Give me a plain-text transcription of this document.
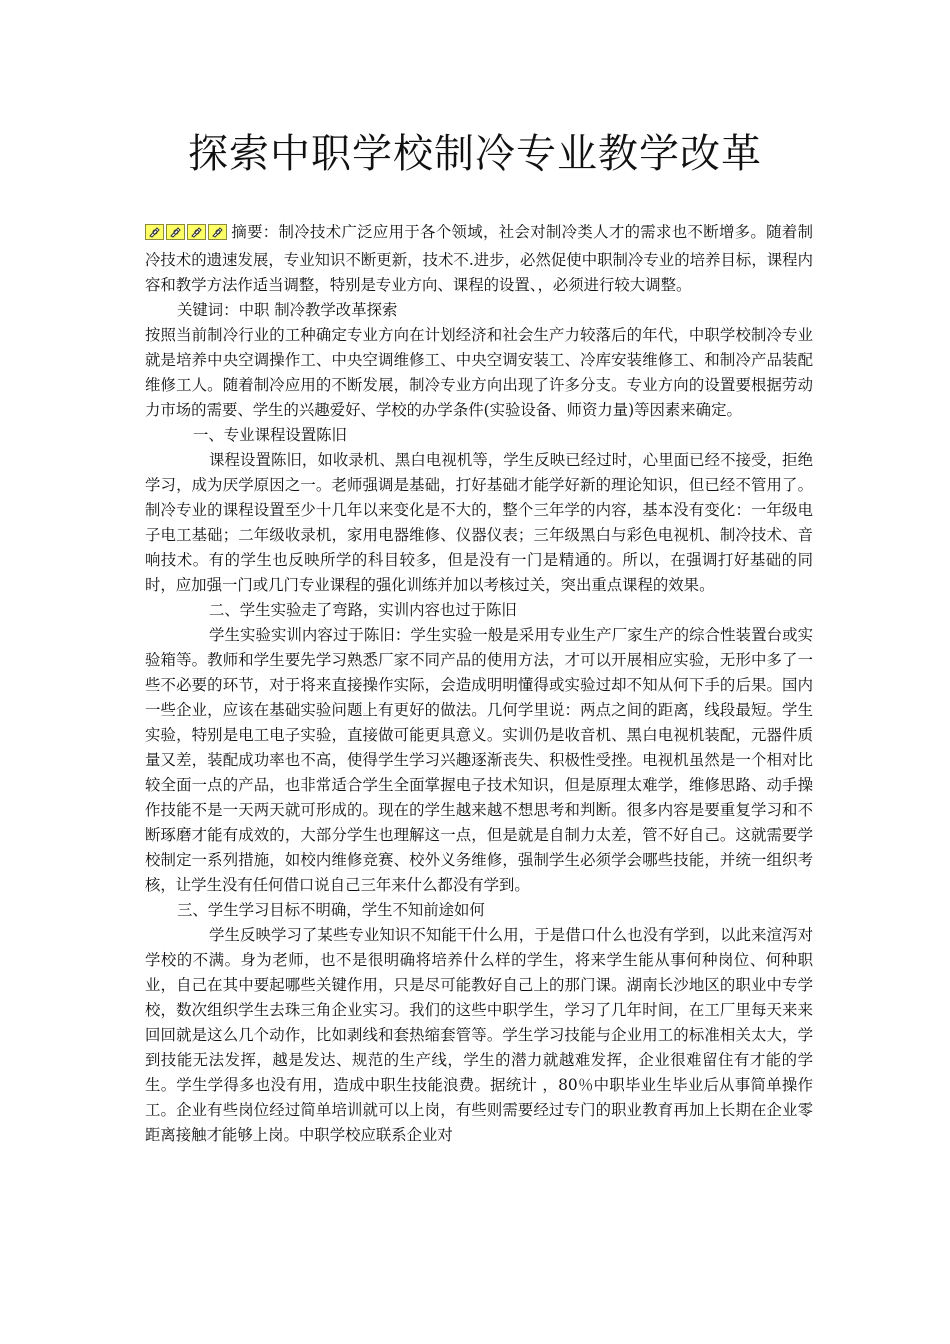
探索中职学校制冷专业教学改革

摘要：制冷技术广泛应用于各个领域，社会对制冷类人才的需求也不断增多。随着制冷技术的遗速发展，专业知识不断更新，技术不.进步，必然促使中职制冷专业的培养目标，课程内容和教学方法作适当调整，特别是专业方向、课程的设置、，必须进行较大调整。

关键词：中职 制冷教学改革探索

按照当前制冷行业的工种确定专业方向在计划经济和社会生产力较落后的年代，中职学校制冷专业就是培养中央空调操作工、中央空调维修工、中央空调安装工、冷库安装维修工、和制冷产品装配维修工人。随着制冷应用的不断发展，制冷专业方向出现了许多分支。专业方向的设置要根据劳动力市场的需要、学生的兴趣爱好、学校的办学条件(实验设备、师资力量)等因素来确定。

一、专业课程设置陈旧

课程设置陈旧，如收录机、黑白电视机等，学生反映已经过时，心里面已经不接受，拒绝学习，成为厌学原因之一。老师强调是基础，打好基础才能学好新的理论知识，但已经不管用了。制冷专业的课程设置至少十几年以来变化是不大的，整个三年学的内容，基本没有变化：一年级电子电工基础；二年级收录机，家用电器维修、仪器仪表；三年级黑白与彩色电视机、制冷技术、音响技术。有的学生也反映所学的科目较多，但是没有一门是精通的。所以，在强调打好基础的同时，应加强一门或几门专业课程的强化训练并加以考核过关，突出重点课程的效果。

二、学生实验走了弯路，实训内容也过于陈旧

学生实验实训内容过于陈旧：学生实验一般是采用专业生产厂家生产的综合性装置台或实验箱等。教师和学生要先学习熟悉厂家不同产品的使用方法，才可以开展相应实验，无形中多了一些不必要的环节，对于将来直接操作实际，会造成明明懂得或实验过却不知从何下手的后果。国内一些企业，应该在基础实验问题上有更好的做法。几何学里说：两点之间的距离，线段最短。学生实验，特别是电工电子实验，直接做可能更具意义。实训仍是收音机、黑白电视机装配，元器件质量又差，装配成功率也不高，使得学生学习兴趣逐渐丧失、积极性受挫。电视机虽然是一个相对比较全面一点的产品，也非常适合学生全面掌握电子技术知识，但是原理太难学，维修思路、动手操作技能不是一天两天就可形成的。现在的学生越来越不想思考和判断。很多内容是要重复学习和不断琢磨才能有成效的，大部分学生也理解这一点，但是就是自制力太差，管不好自己。这就需要学校制定一系列措施，如校内维修竞赛、校外义务维修，强制学生必须学会哪些技能，并统一组织考核，让学生没有任何借口说自己三年来什么都没有学到。

三、学生学习目标不明确，学生不知前途如何

学生反映学习了某些专业知识不知能干什么用，于是借口什么也没有学到，以此来渲泻对学校的不满。身为老师，也不是很明确将培养什么样的学生，将来学生能从事何种岗位、何种职业，自己在其中要起哪些关键作用，只是尽可能教好自己上的那门课。湖南长沙地区的职业中专学校，数次组织学生去珠三角企业实习。我们的这些中职学生，学习了几年时间，在工厂里每天来来回回就是这么几个动作，比如剥线和套热缩套管等。学生学习技能与企业用工的标准相关太大，学到技能无法发挥，越是发达、规范的生产线，学生的潜力就越难发挥，企业很难留住有才能的学生。学生学得多也没有用，造成中职生技能浪费。据统计 ，80％中职毕业生毕业后从事简单操作工。企业有些岗位经过简单培训就可以上岗，有些则需要经过专门的职业教育再加上长期在企业零距离接触才能够上岗。中职学校应联系企业对
